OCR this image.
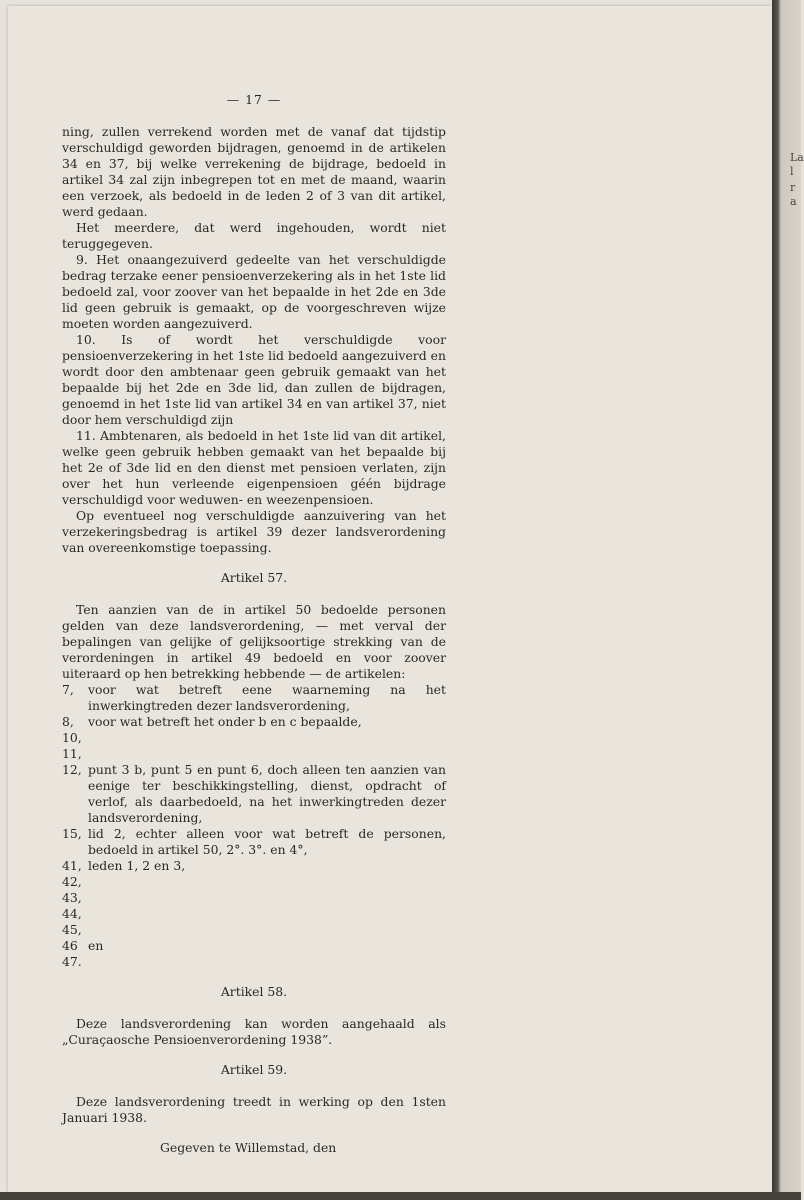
La
l
r
a
— 17 —

ning, zullen verrekend worden met de vanaf dat tijdstip verschuldigd geworden bijdragen, genoemd in de artikelen 34 en 37, bij welke verrekening de bijdrage, bedoeld in artikel 34 zal zijn inbegrepen tot en met de maand, waarin een verzoek, als bedoeld in de leden 2 of 3 van dit artikel, werd gedaan.

Het meerdere, dat werd ingehouden, wordt niet teruggegeven.

9. Het onaangezuiverd gedeelte van het verschuldigde bedrag terzake eener pensioenverzekering als in het 1ste lid bedoeld zal, voor zoover van het bepaalde in het 2de en 3de lid geen gebruik is gemaakt, op de voorgeschreven wijze moeten worden aangezuiverd.

10. Is of wordt het verschuldigde voor pensioenverzekering in het 1ste lid bedoeld aangezuiverd en wordt door den ambtenaar geen gebruik gemaakt van het bepaalde bij het 2de en 3de lid, dan zullen de bijdragen, genoemd in het 1ste lid van artikel 34 en van artikel 37, niet door hem verschuldigd zijn

11. Ambtenaren, als bedoeld in het 1ste lid van dit artikel, welke geen gebruik hebben gemaakt van het bepaalde bij het 2e of 3de lid en den dienst met pensioen verlaten, zijn over het hun verleende eigenpensioen géén bijdrage verschuldigd voor weduwen- en weezenpensioen.

Op eventueel nog verschuldigde aanzuivering van het verzekeringsbedrag is artikel 39 dezer landsverordening van overeenkomstige toepassing.

Artikel 57.

Ten aanzien van de in artikel 50 bedoelde personen gelden van deze landsverordening, — met verval der bepalingen van gelijke of gelijksoortige strekking van de verordeningen in artikel 49 bedoeld en voor zoover uiteraard op hen betrekking hebbende — de artikelen:

7,	voor wat betreft eene waarneming na het inwerkingtreden dezer landsverordening,
8,	voor wat betreft het onder b en c bepaalde,
10,
11,
12, punt 3 b, punt 5 en punt 6, doch alleen ten aanzien van eenige ter beschikkingstelling, dienst, opdracht of verlof, als daarbedoeld, na het inwerkingtreden dezer landsverordening,
15, lid 2, echter alleen voor wat betreft de personen, bedoeld in artikel 50, 2°. 3°. en 4°,
41, leden 1, 2 en 3,
42,
43,
44,
45,
46 en
47.
Artikel 58.

Deze landsverordening kan worden aangehaald als „Curaçaosche Pensioenverordening 1938”.

Artikel 59.

Deze landsverordening treedt in werking op den 1sten Januari 1938.

Gegeven te Willemstad, den
